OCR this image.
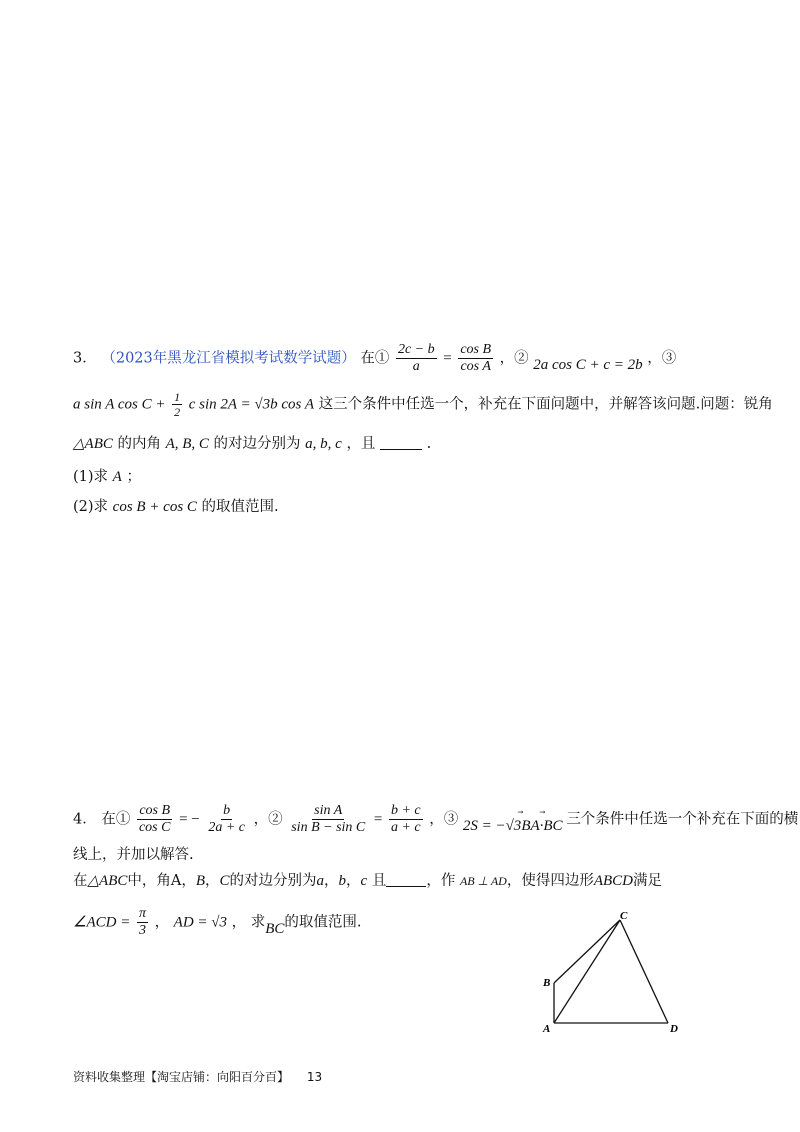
3． （2023年黑龙江省模拟考试数学试题） 在① $\frac{2c - b}{a} = \frac{\text{cos B}}{\text{cos A}}$ ，② 2a cos C + c = 2b ，③
a sin A $\cos C + \frac{1}{2}$ c sin 2A = √3b cos A 这三个条件中任选一个，补充在下面问题中，并解答该问题.问题：锐角
△ABC 的内角 A, B, C 的对边分别为 a, b, c ，且	.
(1)求 A ；
(2)求 cos B + cos C 的取值范围.
4． 在① $\frac{\text{cos B}}{\text{cos C}}$ = − $\frac{b}{2a + c}$ ，② $\frac{\text{sin A}}{\text{sin B − sin C}} = \frac{b + c}{a + c}$ ，③ 2S = −√3⃗ BA·⃗ BC 三个条件中任选一个补充在下面的横
线上，并加以解答.
在△ABC中，角A，B，C的对边分别为a，b，c 且	，作 AB ⊥ AD，使得四边形ABCD满足
∠ACD = $\frac{\pi}{3}$ ， AD = √3 ， 求BC的取值范围.
A
B
C
D
资料收集整理【淘宝店铺：向阳百分百】 13
